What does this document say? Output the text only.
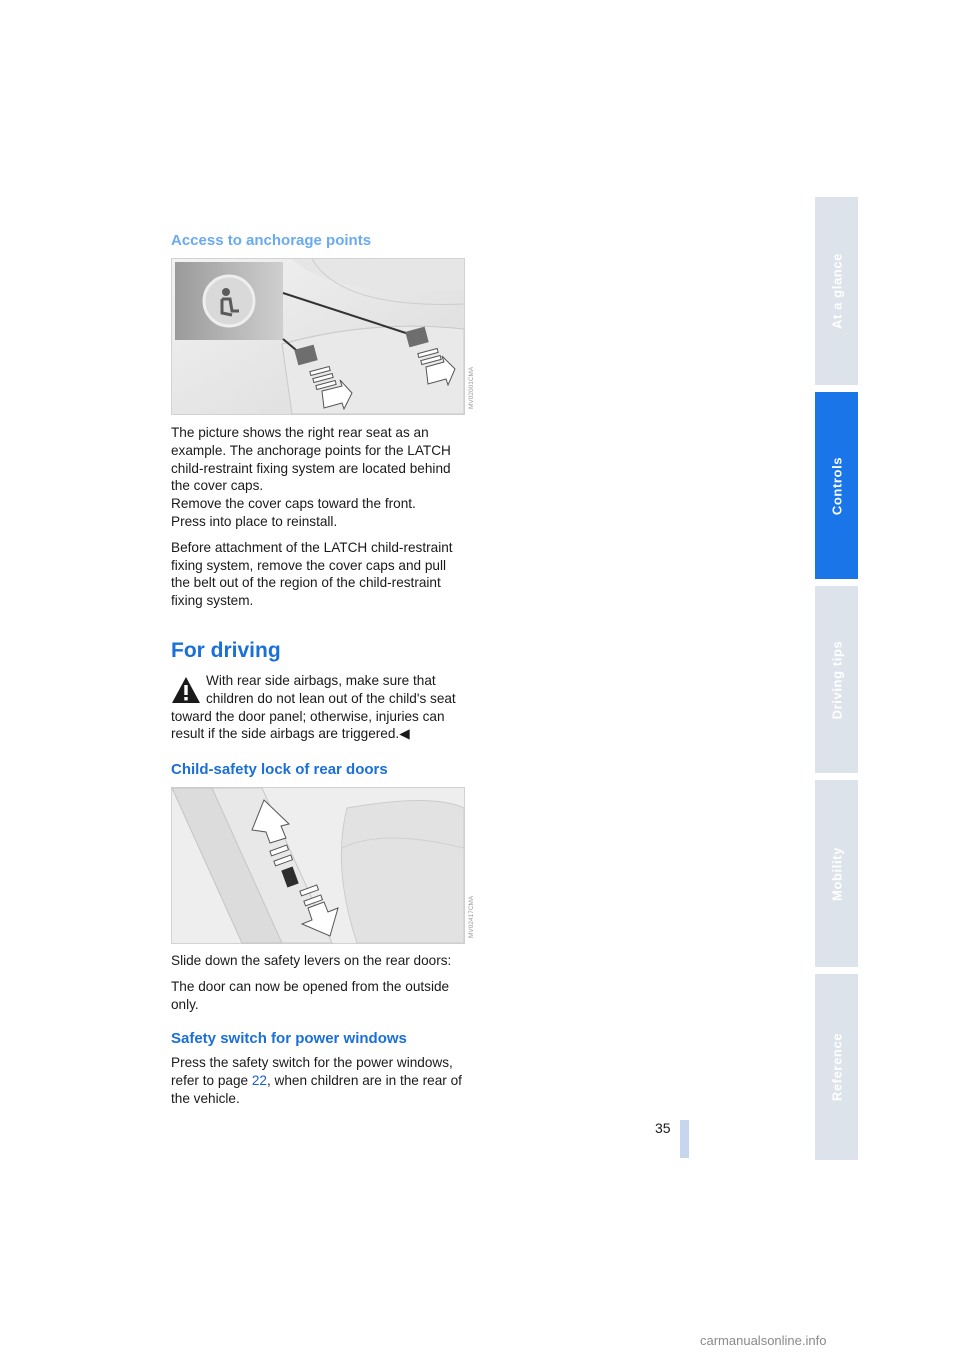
At a glance
Controls
Driving tips
Mobility
Reference
Access to anchorage points
MV02001CMA

The picture shows the right rear seat as an
example. The anchorage points for the LATCH
child-restraint fixing system are located behind
the cover caps.
Remove the cover caps toward the front.
Press into place to reinstall.

Before attachment of the LATCH child-restraint
fixing system, remove the cover caps and pull
the belt out of the region of the child-restraint
fixing system.

For driving
With rear side airbags, make sure that
children do not lean out of the child's seat
toward the door panel; otherwise, injuries can
result if the side airbags are triggered.◀
Child-safety lock of rear doors
MV02417CMA

Slide down the safety levers on the rear doors:

The door can now be opened from the outside
only.

Safety switch for power windows
Press the safety switch for the power windows,
refer to page 22, when children are in the rear of
the vehicle.
35
carmanualsonline.info
